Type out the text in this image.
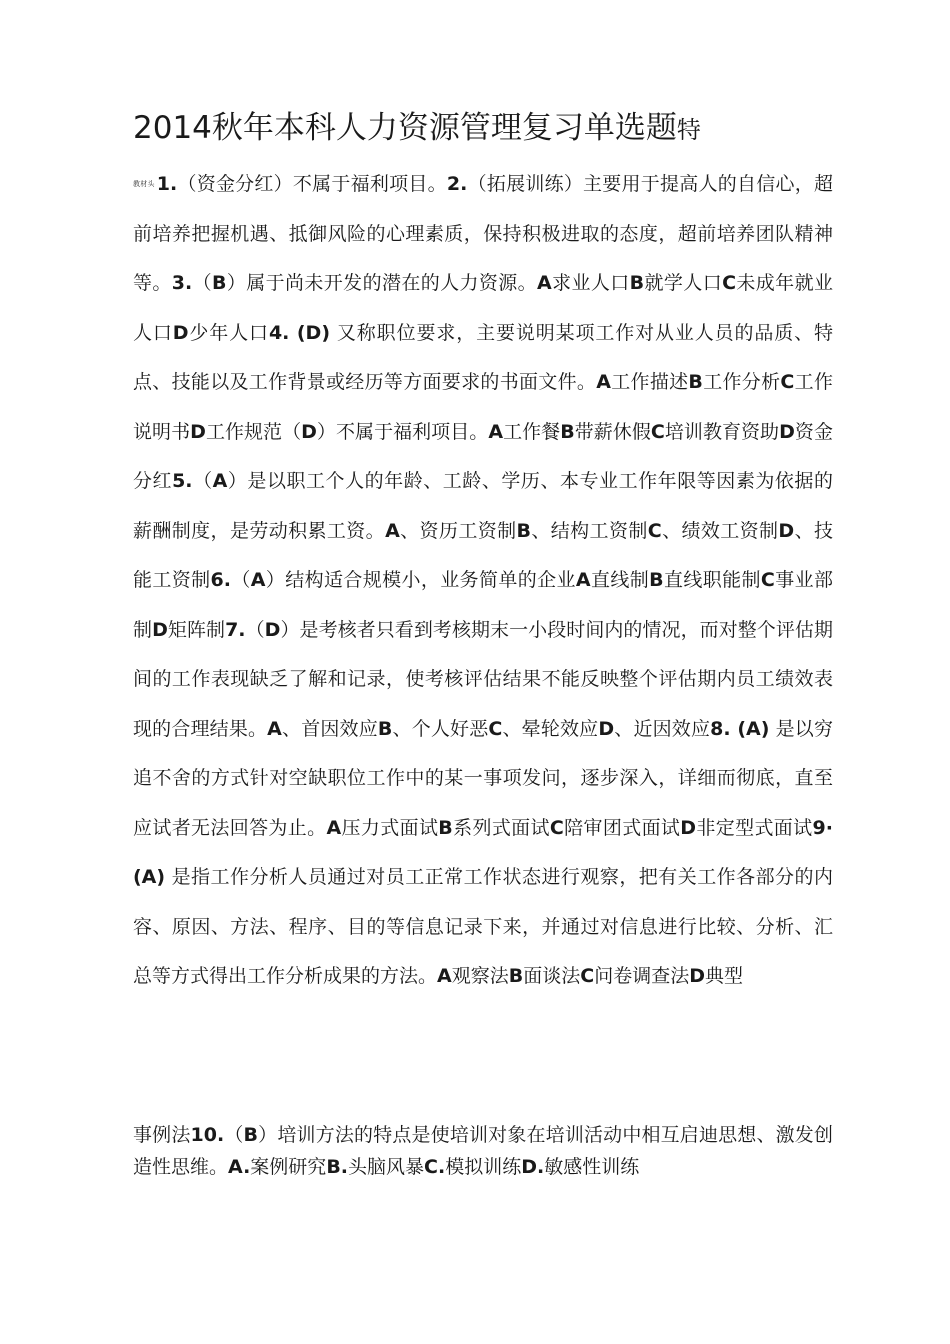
2014秋年本科人力资源管理复习单选题特
教材头 1.（资金分红）不属于福利项目。2.（拓展训练）主要用于提高人的自信心，超前培养把握机遇、抵御风险的心理素质，保持积极进取的态度，超前培养团队精神等。3.（B）属于尚未开发的潜在的人力资源。A求业人口B就学人口C未成年就业人口D少年人口4. (D) 又称职位要求，主要说明某项工作对从业人员的品质、特点、技能以及工作背景或经历等方面要求的书面文件。A工作描述B工作分析C工作说明书D工作规范（D）不属于福利项目。A工作餐B带薪休假C培训教育资助D资金分红5.（A）是以职工个人的年龄、工龄、学历、本专业工作年限等因素为依据的薪酬制度，是劳动积累工资。A、资历工资制B、结构工资制C、绩效工资制D、技能工资制6.（A）结构适合规模小，业务简单的企业A直线制B直线职能制C事业部制D矩阵制7.（D）是考核者只看到考核期末一小段时间内的情况，而对整个评估期间的工作表现缺乏了解和记录，使考核评估结果不能反映整个评估期内员工绩效表现的合理结果。A、首因效应B、个人好恶C、晕轮效应D、近因效应8. (A) 是以穷追不舍的方式针对空缺职位工作中的某一事项发问，逐步深入，详细而彻底，直至应试者无法回答为止。A压力式面试B系列式面试C陪审团式面试D非定型式面试9· (A) 是指工作分析人员通过对员工正常工作状态进行观察，把有关工作各部分的内容、原因、方法、程序、目的等信息记录下来，并通过对信息进行比较、分析、汇总等方式得出工作分析成果的方法。A观察法B面谈法C问卷调查法D典型
事例法10.（B）培训方法的特点是使培训对象在培训活动中相互启迪思想、激发创造性思维。A.案例研究B.头脑风暴C.模拟训练D.敏感性训练
